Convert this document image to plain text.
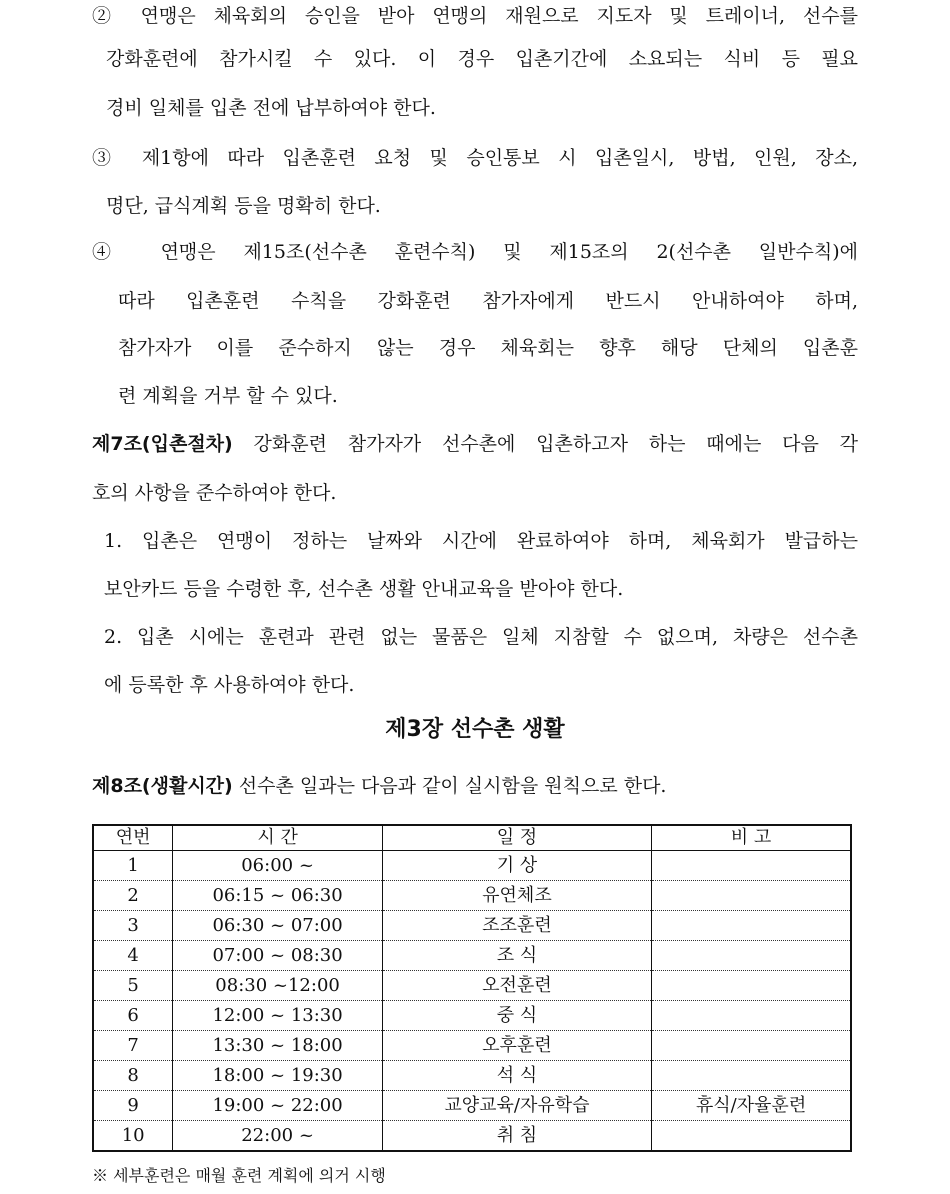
② 연맹은 체육회의 승인을 받아 연맹의 재원으로 지도자 및 트레이너, 선수를
강화훈련에 참가시킬 수 있다. 이 경우 입촌기간에 소요되는 식비 등 필요
경비 일체를 입촌 전에 납부하여야 한다.
③ 제1항에 따라 입촌훈련 요청 및 승인통보 시 입촌일시, 방법, 인원, 장소,
명단, 급식계획 등을 명확히 한다.
④ 연맹은 제15조(선수촌 훈련수칙) 및 제15조의 2(선수촌 일반수칙)에
따라 입촌훈련 수칙을 강화훈련 참가자에게 반드시 안내하여야 하며,
참가자가 이를 준수하지 않는 경우 체육회는 향후 해당 단체의 입촌훈
련 계획을 거부 할 수 있다.
제7조(입촌절차) 강화훈련 참가자가 선수촌에 입촌하고자 하는 때에는 다음 각
호의 사항을 준수하여야 한다.
1. 입촌은 연맹이 정하는 날짜와 시간에 완료하여야 하며, 체육회가 발급하는
보안카드 등을 수령한 후, 선수촌 생활 안내교육을 받아야 한다.
2. 입촌 시에는 훈련과 관련 없는 물품은 일체 지참할 수 없으며, 차량은 선수촌
에 등록한 후 사용하여야 한다.
제3장 선수촌 생활
제8조(생활시간) 선수촌 일과는 다음과 같이 실시함을 원칙으로 한다.
연번	시 간	일 정	비 고
1	06:00 ~	기 상	
2	06:15 ~ 06:30	유연체조	
3	06:30 ~ 07:00	조조훈련	
4	07:00 ~ 08:30	조 식	
5	08:30 ~12:00	오전훈련	
6	12:00 ~ 13:30	중 식	
7	13:30 ~ 18:00	오후훈련	
8	18:00 ~ 19:30	석 식	
9	19:00 ~ 22:00	교양교육/자유학습	휴식/자율훈련
10	22:00 ~	취 침	
※ 세부훈련은 매월 훈련 계획에 의거 시행
